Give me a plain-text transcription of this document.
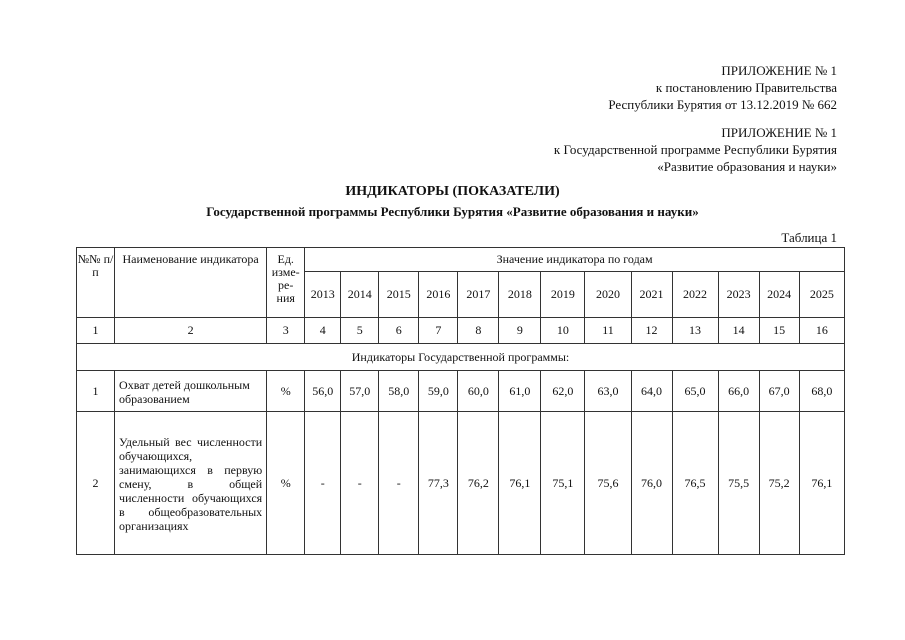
ПРИЛОЖЕНИЕ № 1
к постановлению Правительства
Республики Бурятия от 13.12.2019 № 662
ПРИЛОЖЕНИЕ № 1
к Государственной программе Республики Бурятия
«Развитие образования и науки»
ИНДИКАТОРЫ (ПОКАЗАТЕЛИ)
Государственной программы Республики Бурятия «Развитие образования и науки»
Таблица 1
№№ п/п	Наименование индикатора	Ед.
изме-
ре-
ния	Значение индикатора по годам												
			2013	2014	2015	2016	2017	2018	2019	2020	2021	2022	2023	2024	2025
1	2	3	4	5	6	7	8	9	10	11	12	13	14	15	16
Индикаторы Государственной программы:															
1	Охват детей дошкольным образованием	%	56,0	57,0	58,0	59,0	60,0	61,0	62,0	63,0	64,0	65,0	66,0	67,0	68,0
2	Удельный вес численности обучающихся, занимающихся в первую смену, в общей численности обучающихся в общеобразовательных организациях	%	-	-	-	77,3	76,2	76,1	75,1	75,6	76,0	76,5	75,5	75,2	76,1
